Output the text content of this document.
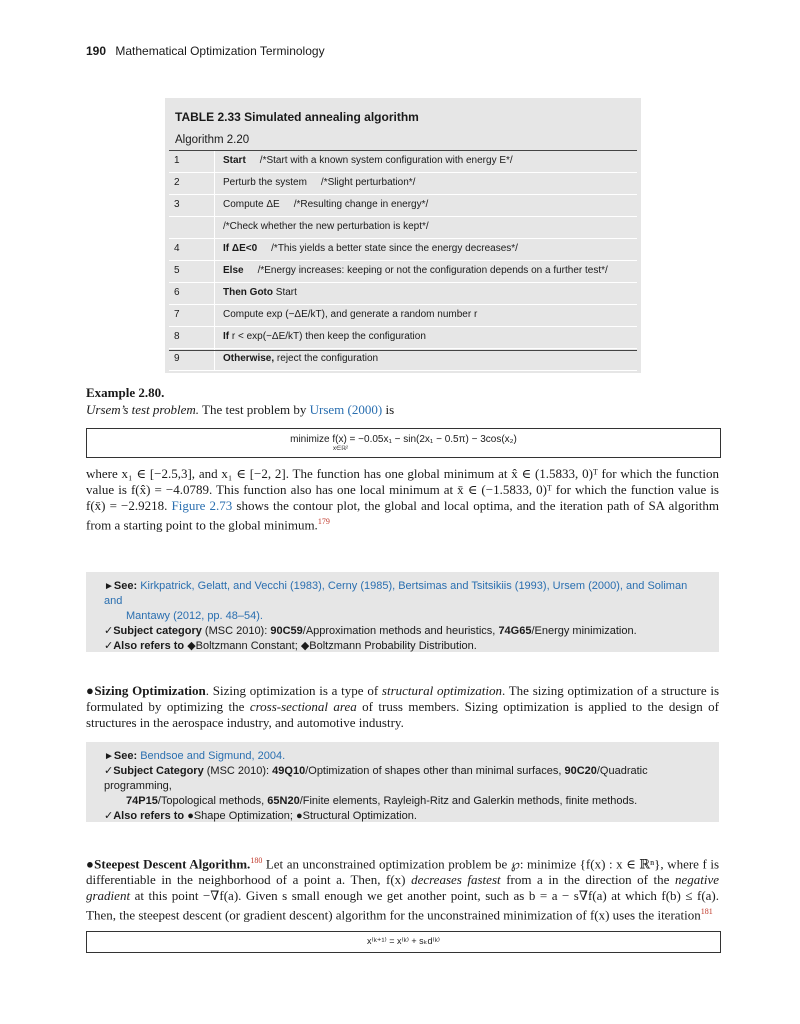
190 Mathematical Optimization Terminology
TABLE 2.33 Simulated annealing algorithm
Algorithm 2.20
1	Start /*Start with a known system configuration with energy E*/
2	Perturb the system /*Slight perturbation*/
3	Compute ΔE /*Resulting change in energy*/
/*Check whether the new perturbation is kept*/
4	If ΔE<0 /*This yields a better state since the energy decreases*/
5	Else /*Energy increases: keeping or not the configuration depends on a further test*/
6	Then Goto Start
7	Compute exp (−ΔE/kT), and generate a random number r
8	If r < exp(−ΔE/kT) then keep the configuration
9	Otherwise, reject the configuration
Example 2.80.
Ursem’s test problem. The test problem by Ursem (2000) is
minimize f(x) = −0.05x₁ − sin(2x₁ − 0.5π) − 3cos(x₂)
x∈ℝ²
where x₁ ∈ [−2.5,3], and x₁ ∈ [−2, 2]. The function has one global minimum at x̂ ∈ (1.5833, 0)ᵀ for which the function value is f(x̂) = −4.0789. This function also has one local minimum at x̄ ∈ (−1.5833, 0)ᵀ for which the function value is f(x̄) = −2.9218. Figure 2.73 shows the contour plot, the global and local optima, and the iteration path of SA algorithm from a starting point to the global minimum.$^{179}$
►See: Kirkpatrick, Gelatt, and Vecchi (1983), Cerny (1985), Bertsimas and Tsitsikiis (1993), Ursem (2000), and Soliman and
Mantawy (2012, pp. 48–54).
✓Subject category (MSC 2010): 90C59/Approximation methods and heuristics, 74G65/Energy minimization.
✓Also refers to ◆Boltzmann Constant; ◆Boltzmann Probability Distribution.
●Sizing Optimization. Sizing optimization is a type of structural optimization. The sizing optimization of a structure is formulated by optimizing the cross-sectional area of truss members. Sizing optimization is applied to the design of structures in the aerospace industry, and automotive industry.
►See: Bendsoe and Sigmund, 2004.
✓Subject Category (MSC 2010): 49Q10/Optimization of shapes other than minimal surfaces, 90C20/Quadratic programming,
74P15/Topological methods, 65N20/Finite elements, Rayleigh-Ritz and Galerkin methods, finite methods.
✓Also refers to ●Shape Optimization; ●Structural Optimization.
●Steepest Descent Algorithm.$^{180}$ Let an unconstrained optimization problem be ℘: minimize {f(x) : x ∈ ℝⁿ}, where f is differentiable in the neighborhood of a point a. Then, f(x) decreases fastest from a in the direction of the negative gradient at this point −∇f(a). Given s small enough we get another point, such as b = a − s∇f(a) at which f(b) ≤ f(a). Then, the steepest descent (or gradient descent) algorithm for the unconstrained minimization of f(x) uses the iteration$^{181}$
x⁽ᵏ⁺¹⁾ = x⁽ᵏ⁾ + sₖd⁽ᵏ⁾
